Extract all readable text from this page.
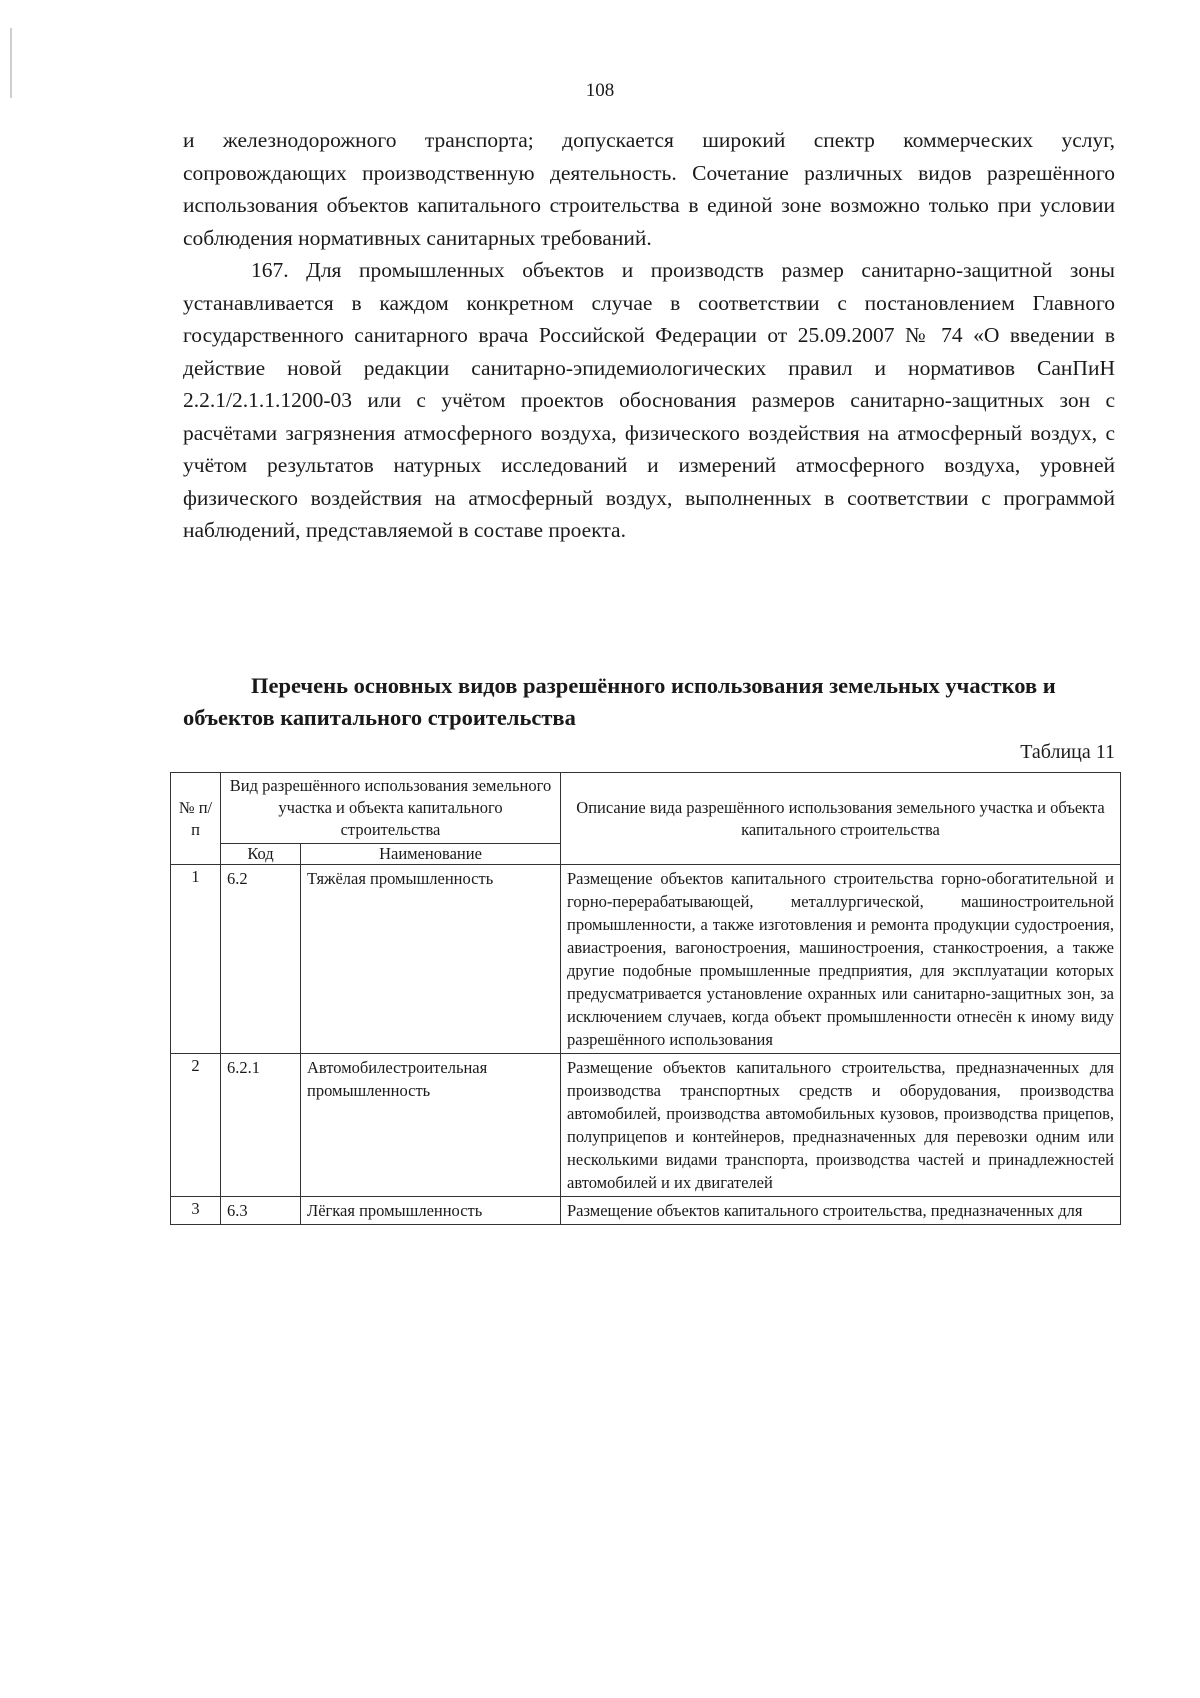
108

и железнодорожного транспорта; допускается широкий спектр коммерческих услуг, сопровождающих производственную деятельность. Сочетание различных видов разрешённого использования объектов капитального строительства в единой зоне возможно только при условии соблюдения нормативных санитарных требований.

167. Для промышленных объектов и производств размер санитарно-защитной зоны устанавливается в каждом конкретном случае в соответствии с постановлением Главного государственного санитарного врача Российской Федерации от 25.09.2007 № 74 «О введении в действие новой редакции санитарно-эпидемиологических правил и нормативов СанПиН 2.2.1/2.1.1.1200-03 или с учётом проектов обоснования размеров санитарно-защитных зон с расчётами загрязнения атмосферного воздуха, физического воздействия на атмосферный воздух, с учётом результатов натурных исследований и измерений атмосферного воздуха, уровней физического воздействия на атмосферный воздух, выполненных в соответствии с программой наблюдений, представляемой в составе проекта.

Перечень основных видов разрешённого использования земельных участков и объектов капитального строительства
Таблица 11
№ п/п	Вид разрешённого использования земельного участка и объекта капитального строительства		Описание вида разрешённого использования земельного участка и объекта капитального строительства
	Код	Наименование	
1	6.2	Тяжёлая промышленность	Размещение объектов капитального строительства горно-обогатительной и горно-перерабатывающей, металлургической, машиностроительной промышленности, а также изготовления и ремонта продукции судостроения, авиастроения, вагоностроения, машиностроения, станкостроения, а также другие подобные промышленные предприятия, для эксплуатации которых предусматривается установление охранных или санитарно-защитных зон, за исключением случаев, когда объект промышленности отнесён к иному виду разрешённого использования
2	6.2.1	Автомобилестроительная промышленность	Размещение объектов капитального строительства, предназначенных для производства транспортных средств и оборудования, производства автомобилей, производства автомобильных кузовов, производства прицепов, полуприцепов и контейнеров, предназначенных для перевозки одним или несколькими видами транспорта, производства частей и принадлежностей автомобилей и их двигателей
3	6.3	Лёгкая промышленность	Размещение объектов капитального строительства, предназначенных для
